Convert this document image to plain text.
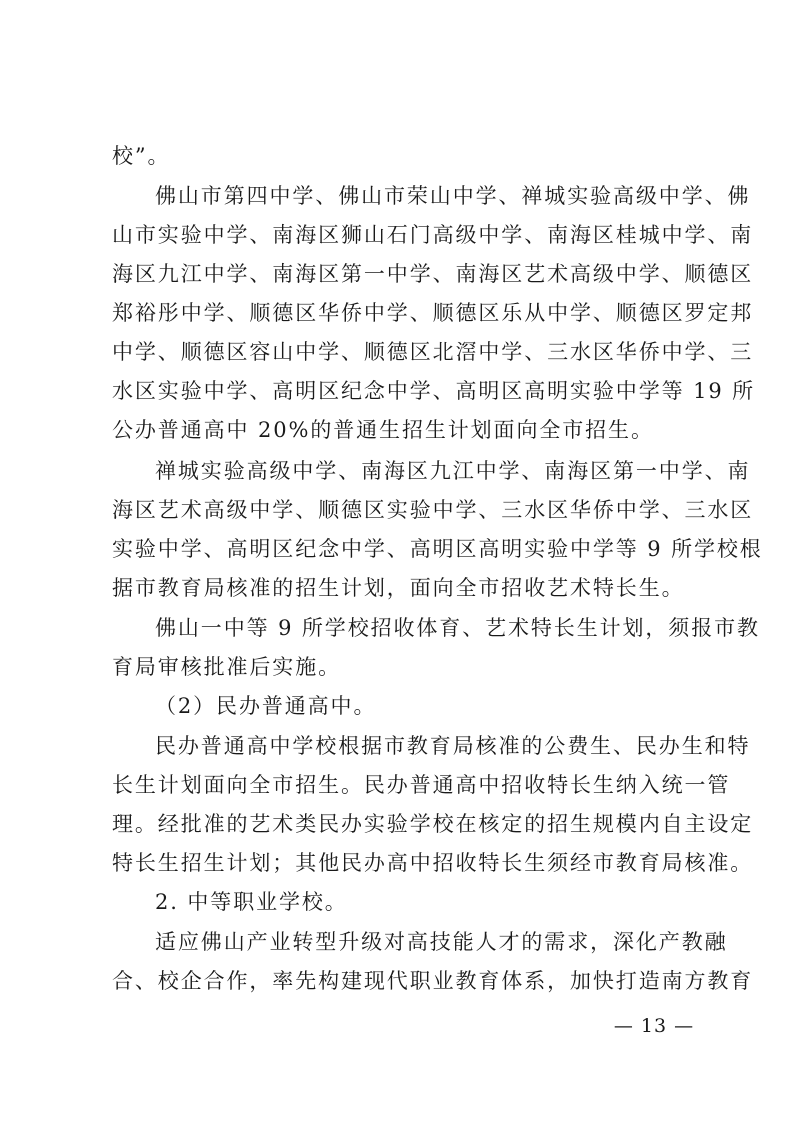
校”。
佛山市第四中学、佛山市荣山中学、禅城实验高级中学、佛
山市实验中学、南海区狮山石门高级中学、南海区桂城中学、南
海区九江中学、南海区第一中学、南海区艺术高级中学、顺德区
郑裕彤中学、顺德区华侨中学、顺德区乐从中学、顺德区罗定邦
中学、顺德区容山中学、顺德区北滘中学、三水区华侨中学、三
水区实验中学、高明区纪念中学、高明区高明实验中学等 19 所
公办普通高中 20%的普通生招生计划面向全市招生。
禅城实验高级中学、南海区九江中学、南海区第一中学、南
海区艺术高级中学、顺德区实验中学、三水区华侨中学、三水区
实验中学、高明区纪念中学、高明区高明实验中学等 9 所学校根
据市教育局核准的招生计划，面向全市招收艺术特长生。
佛山一中等 9 所学校招收体育、艺术特长生计划，须报市教
育局审核批准后实施。
（2）民办普通高中。
民办普通高中学校根据市教育局核准的公费生、民办生和特
长生计划面向全市招生。民办普通高中招收特长生纳入统一管
理。经批准的艺术类民办实验学校在核定的招生规模内自主设定
特长生招生计划；其他民办高中招收特长生须经市教育局核准。
2. 中等职业学校。
适应佛山产业转型升级对高技能人才的需求，深化产教融
合、校企合作，率先构建现代职业教育体系，加快打造南方教育
— 13 —
